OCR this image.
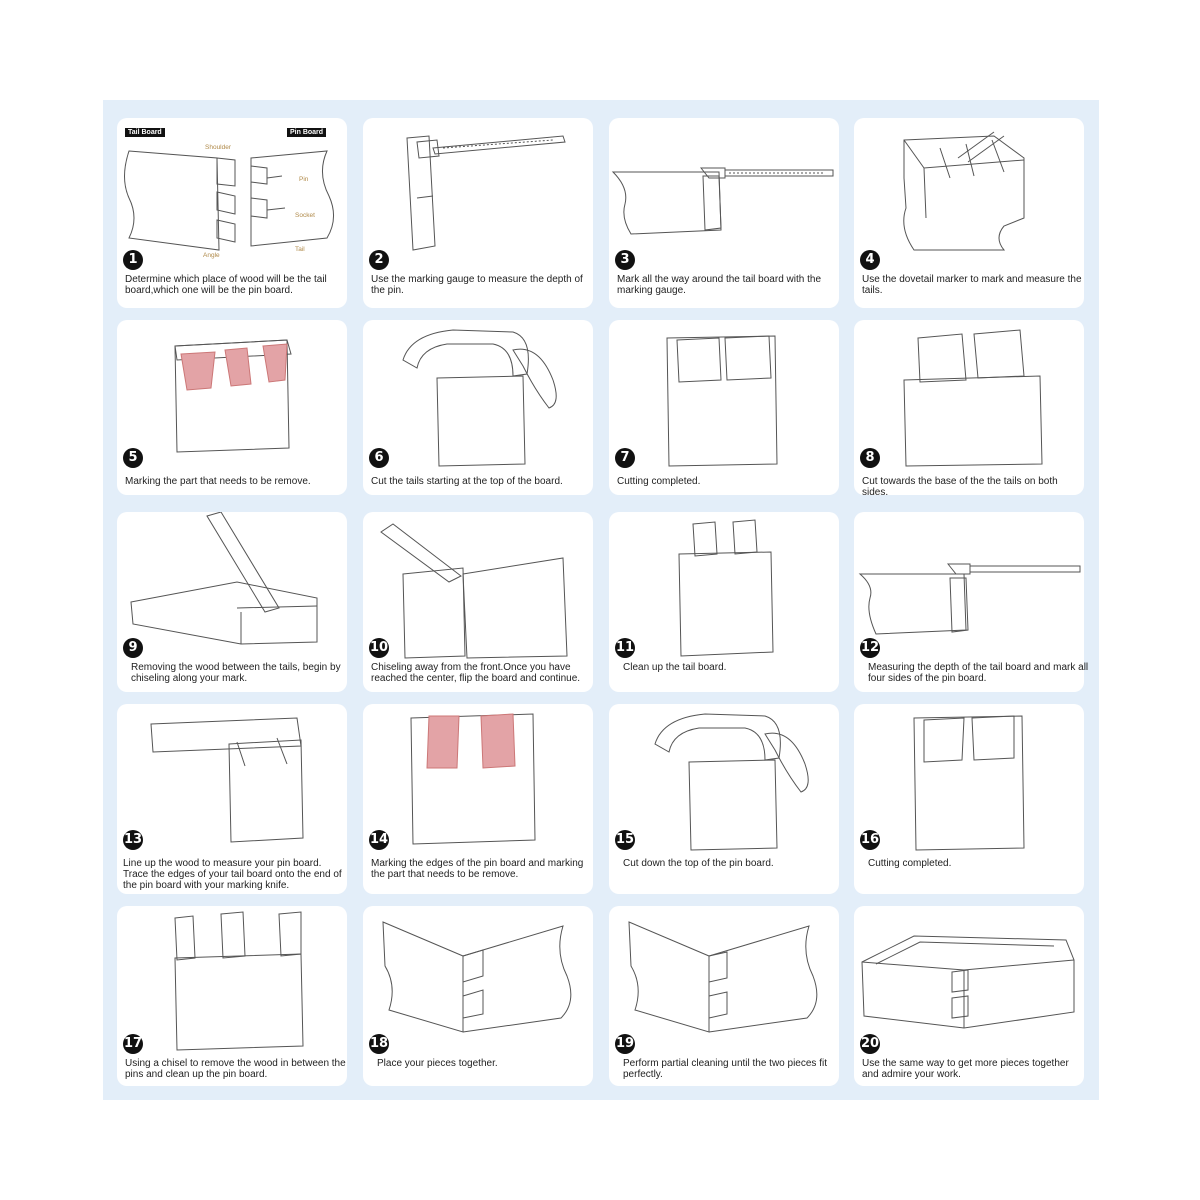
Tail Board	Pin Board
Shoulder
Pin
Socket
Angle
Tail
1
Determine which place of wood will be the tail board,which one will be the pin board.
2
Use the marking gauge to measure the depth of the pin.
3
Mark all the way around the tail board with the marking gauge.
4
Use the dovetail marker to mark and measure the tails.
5
Marking the part that needs to be remove.
6
Cut the tails starting at the top of the board.
7
Cutting completed.
8
Cut towards the base of the the tails on both sides.
9
Removing the wood between the tails, begin by chiseling along your mark.
10
Chiseling away from the front.Once you have reached the center, flip the board and continue.
11
Clean up the tail board.
12
Measuring the depth of the tail board and mark all four sides of the pin board.
13
Line up the wood to measure your pin board. Trace the edges of your tail board onto the end of the pin board with your marking knife.
14
Marking the edges of the pin board and marking the part that needs to be remove.
15
Cut down the top of the pin board.
16
Cutting completed.
17
Using a chisel to remove the wood in between the pins and clean up the pin board.
18
Place your pieces together.
19
Perform partial cleaning until the two pieces fit perfectly.
20
Use the same way to get more pieces together and admire your work.
